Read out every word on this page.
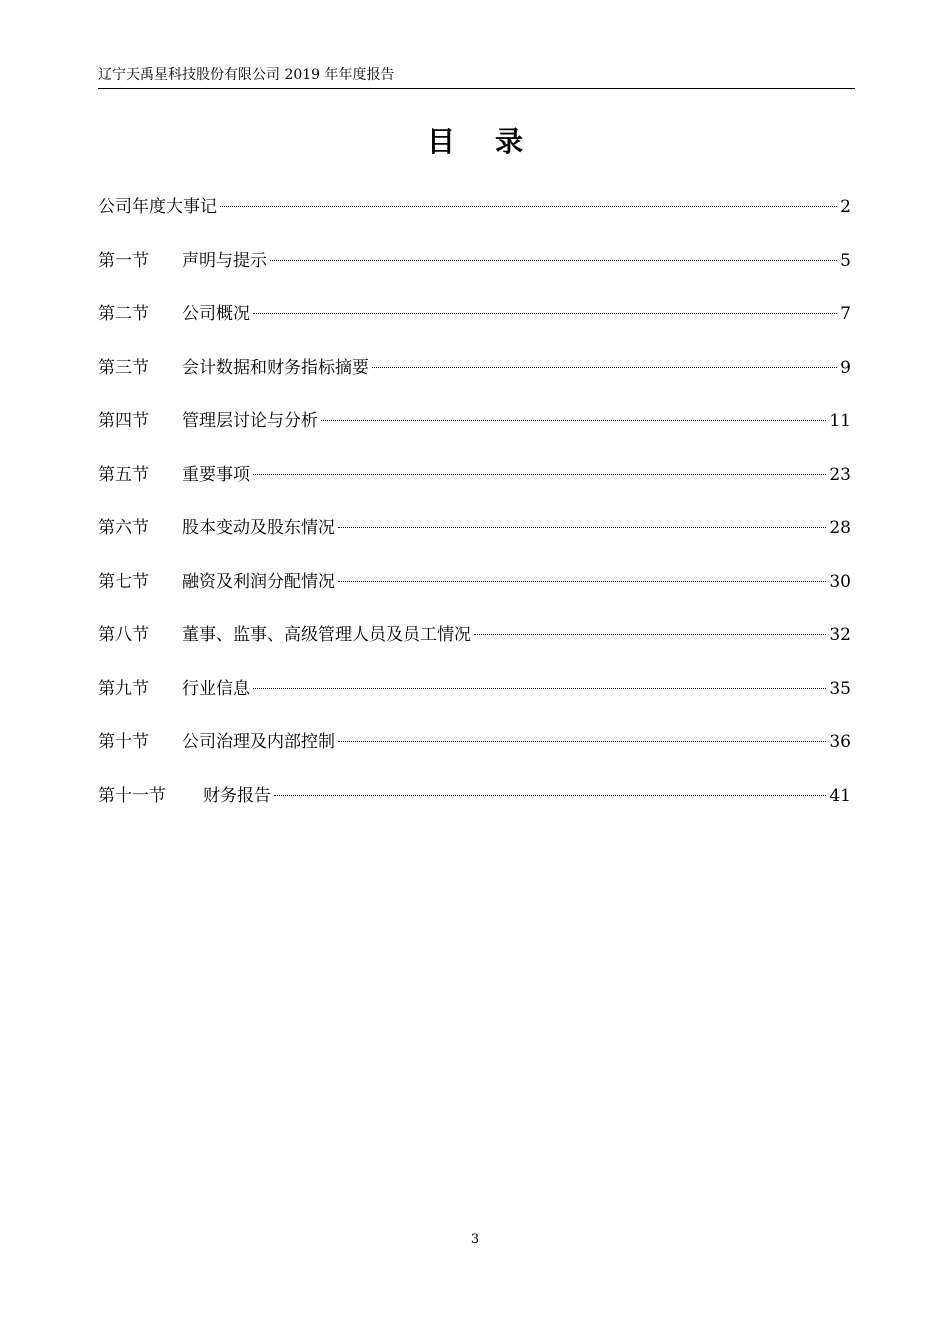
辽宁天禹星科技股份有限公司 2019 年年度报告
目录
公司年度大事记	2
第一节	声明与提示	5
第二节	公司概况	7
第三节	会计数据和财务指标摘要	9
第四节	管理层讨论与分析	11
第五节	重要事项	23
第六节	股本变动及股东情况	28
第七节	融资及利润分配情况	30
第八节	董事、监事、高级管理人员及员工情况	32
第九节	行业信息	35
第十节	公司治理及内部控制	36
第十一节	财务报告	41
3
